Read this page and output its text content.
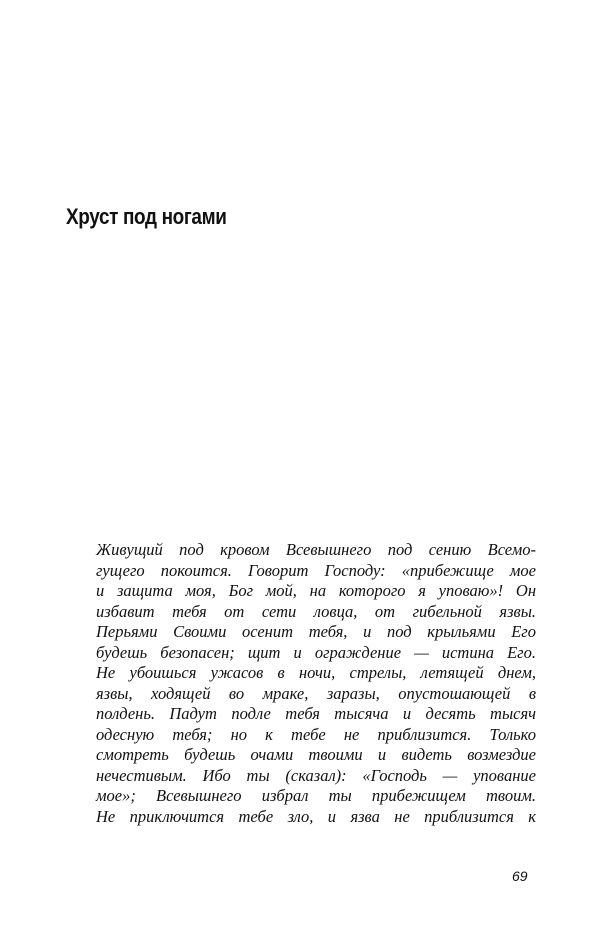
Хруст под ногами
Живущий под кровом Всевышнего под сению Всемо-
гущего покоится. Говорит Господу: «прибежище мое
и защита моя, Бог мой, на которого я уповаю»! Он
избавит тебя от сети ловца, от гибельной язвы.
Перьями Своими осенит тебя, и под крыльями Его
будешь безопасен; щит и ограждение — истина Его.
Не убоишься ужасов в ночи, стрелы, летящей днем,
язвы, ходящей во мраке, заразы, опустошающей в
полдень. Падут подле тебя тысяча и десять тысяч
одесную тебя; но к тебе не приблизится. Только
смотреть будешь очами твоими и видеть возмездие
нечестивым. Ибо ты (сказал): «Господь — упование
мое»; Всевышнего избрал ты прибежищем твоим.
Не приключится тебе зло, и язва не приблизится к
69
